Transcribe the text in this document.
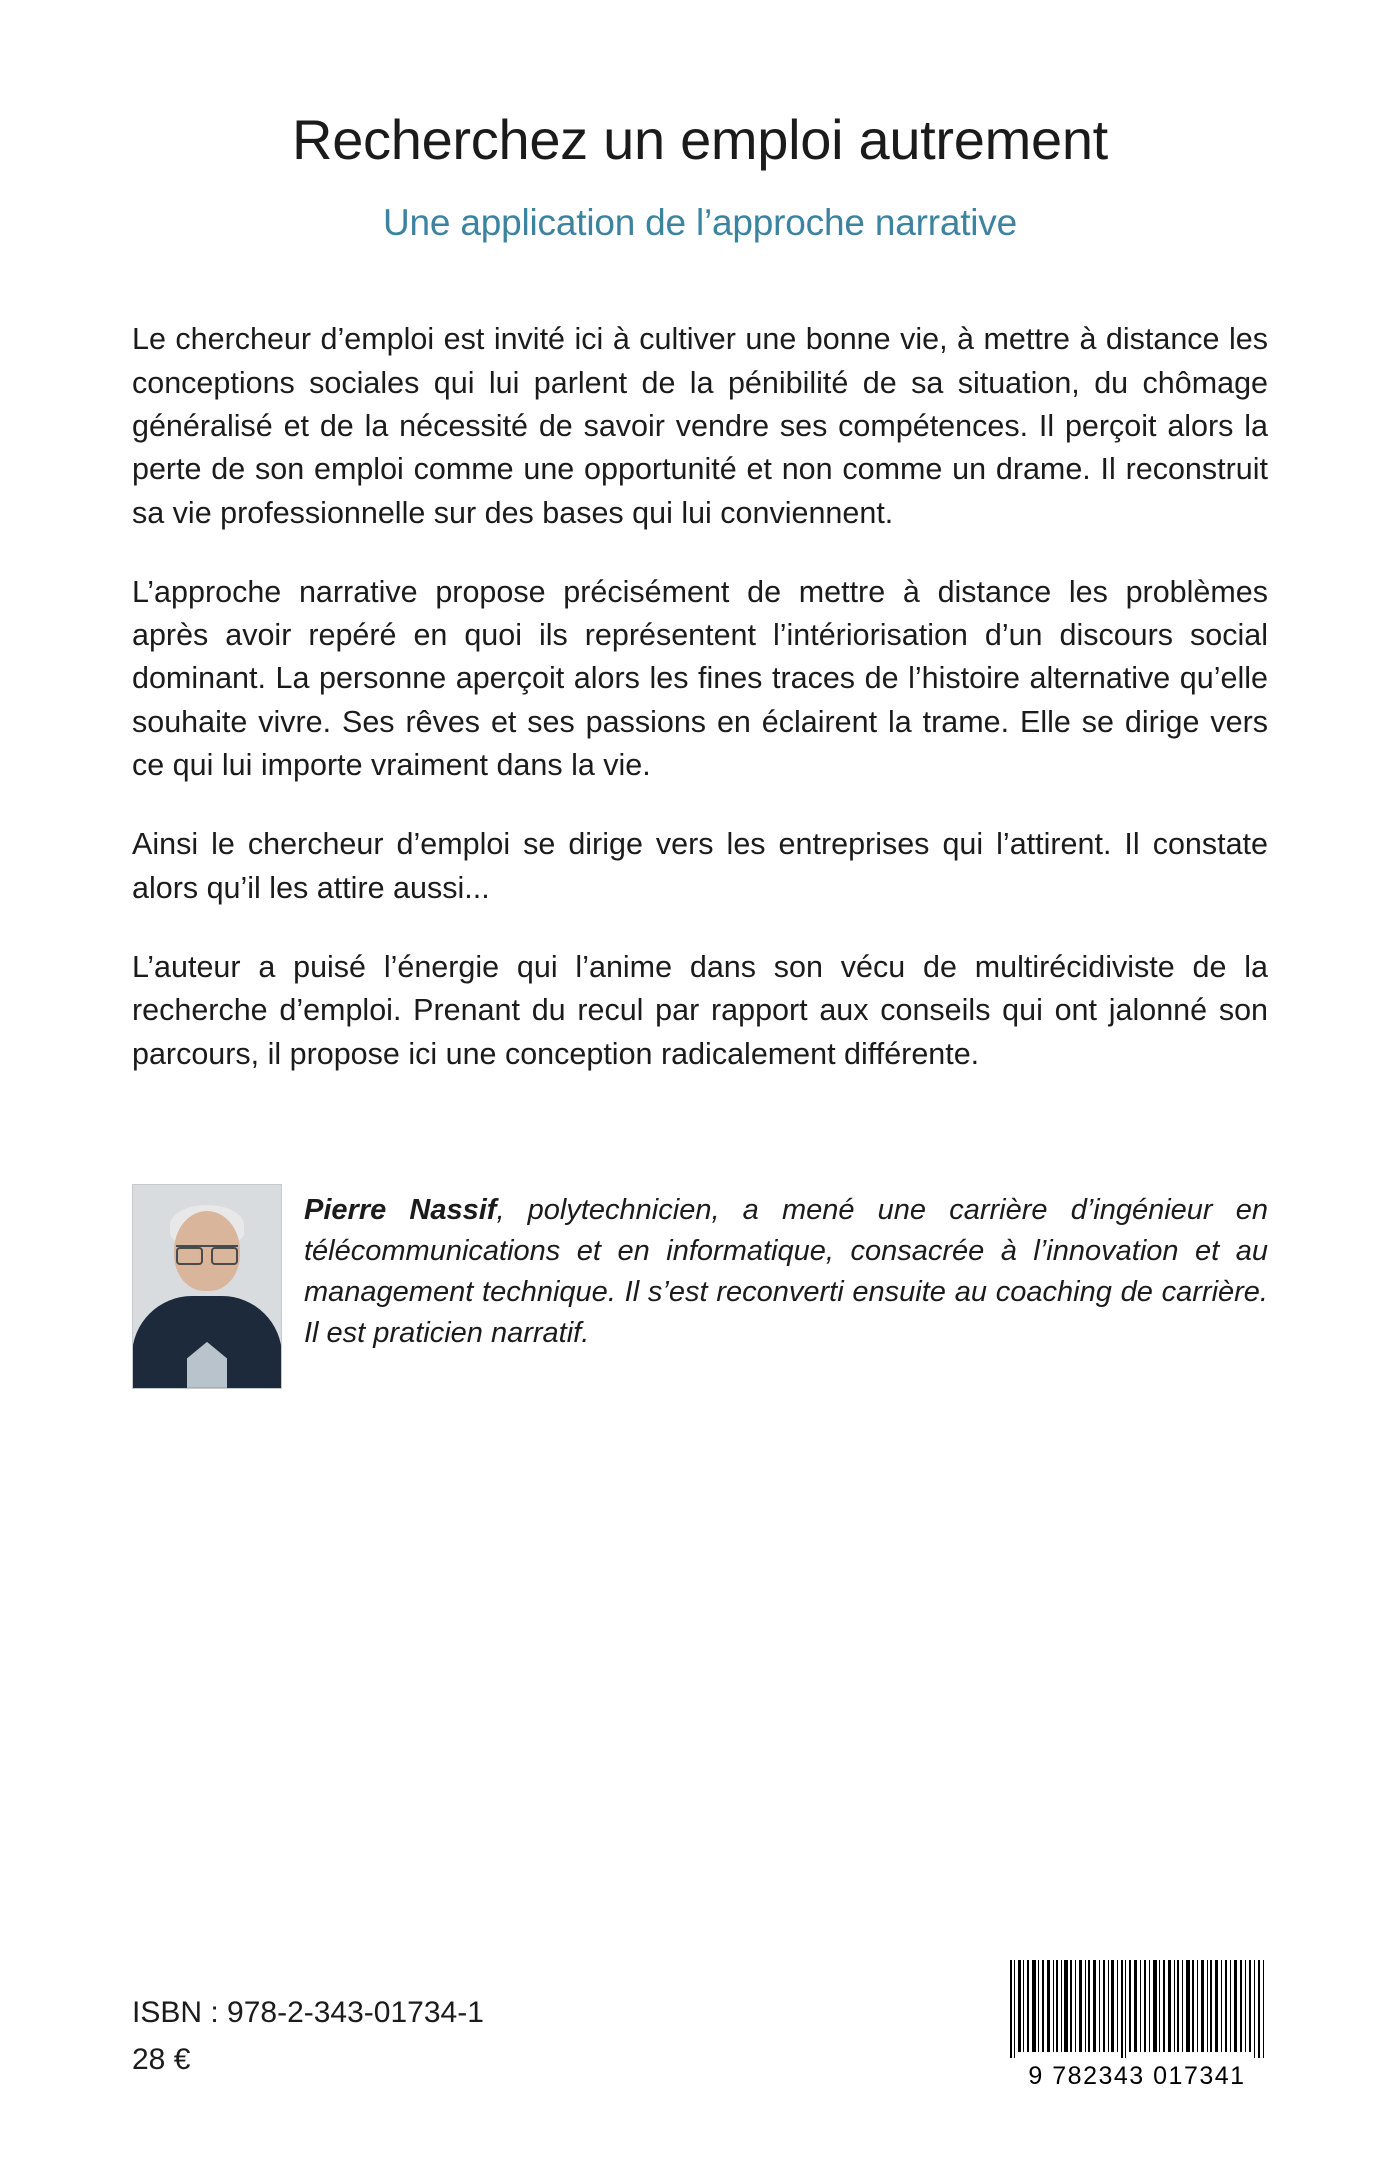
Recherchez un emploi autrement
Une application de l’approche narrative

Le chercheur d’emploi est invité ici à cultiver une bonne vie, à mettre à distance les conceptions sociales qui lui parlent de la pénibilité de sa situation, du chômage généralisé et de la nécessité de savoir vendre ses compétences. Il perçoit alors la perte de son emploi comme une opportunité et non comme un drame. Il reconstruit sa vie professionnelle sur des bases qui lui conviennent.

L’approche narrative propose précisément de mettre à distance les problèmes après avoir repéré en quoi ils représentent l’intériorisation d’un discours social dominant. La personne aperçoit alors les fines traces de l’histoire alternative qu’elle souhaite vivre. Ses rêves et ses passions en éclairent la trame. Elle se dirige vers ce qui lui importe vraiment dans la vie.

Ainsi le chercheur d’emploi se dirige vers les entreprises qui l’attirent. Il constate alors qu’il les attire aussi...

L’auteur a puisé l’énergie qui l’anime dans son vécu de multirécidiviste de la recherche d’emploi. Prenant du recul par rapport aux conseils qui ont jalonné son parcours, il propose ici une conception radicalement différente.

Pierre Nassif, polytechnicien, a mené une carrière d’ingénieur en télécommunications et en informatique, consacrée à l’innovation et au management technique. Il s’est reconverti ensuite au coaching de carrière. Il est praticien narratif.
ISBN : 978-2-343-01734-1
28 €
9 782343 017341
